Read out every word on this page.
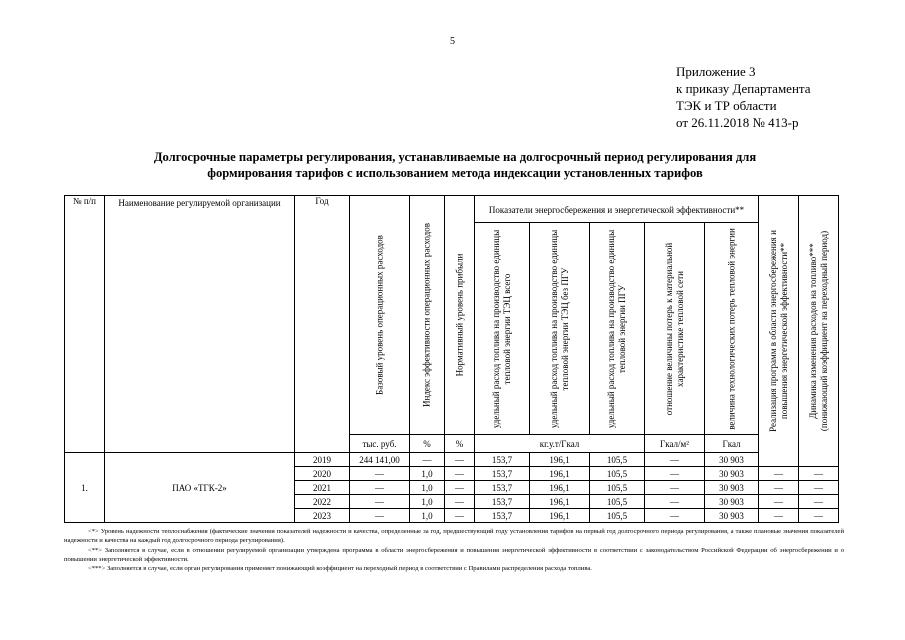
5
Приложение 3
к приказу Департамента
ТЭК и ТР области
от 26.11.2018 № 413-р
Долгосрочные параметры регулирования, устанавливаемые на долгосрочный период регулирования для
формирования тарифов с использованием метода индексации установленных тарифов
№ п/п	Наименование регулируемой организации	Год	Базовый уровень операционных расходов	Индекс эффективности операционных расходов	Нормативный уровень прибыли	Показатели энергосбережения и энергетической эффективности**					Реализация программ в области энергосбережения и повышения энергетической эффективности**	Динамика изменения расходов на топливо*** (понижающий коэффициент на переходный период)	

						удельный расход топлива на производство единицы тепловой энергии ТЭЦ всего	удельный расход топлива на производство единицы тепловой энергии ТЭЦ без ПГУ	удельный расход топлива на производство единицы тепловой энергии ПГУ	отношение величины потерь к материальной характеристике тепловой сети	величина технологических потерь тепловой энергии			

			тыс. руб.	%	%	кг.у.т/Гкал			Гкал/м²	Гкал			
1.	ПАО «ТГК-2»	2019	244 141,00	—	—	153,7	196,1	105,5	—	30 903		
		2020	—	1,0	—	153,7	196,1	105,5	—	30 903	—	—	
		2021	—	1,0	—	153,7	196,1	105,5	—	30 903	—	—	
		2022	—	1,0	—	153,7	196,1	105,5	—	30 903	—	—	
		2023	—	1,0	—	153,7	196,1	105,5	—	30 903	—	—	

<*> Уровень надежности теплоснабжения (фактические значения показателей надежности и качества, определенные за год, предшествующий году установления тарифов на первый год долгосрочного периода регулирования, а также плановые значения показателей надежности и качества на каждый год долгосрочного периода регулирования).

<**> Заполняется в случае, если в отношении регулируемой организации утверждена программа в области энергосбережения и повышения энергетической эффективности в соответствии с законодательством Российской Федерации об энергосбережении и о повышении энергетической эффективности.

<***> Заполняется в случае, если орган регулирования применяет понижающий коэффициент на переходный период в соответствии с Правилами распределения расхода топлива.
